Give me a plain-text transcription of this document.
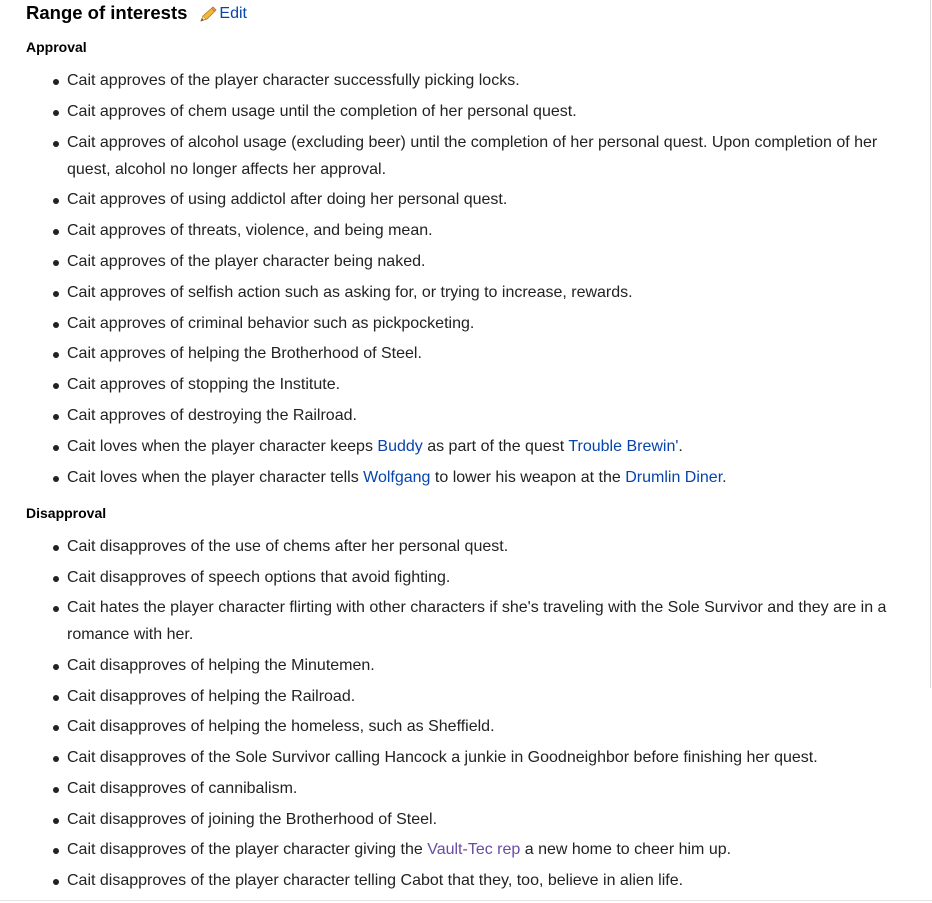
Range of interests Edit
Approval
Cait approves of the player character successfully picking locks.
Cait approves of chem usage until the completion of her personal quest.
Cait approves of alcohol usage (excluding beer) until the completion of her personal quest. Upon completion of her quest, alcohol no longer affects her approval.
Cait approves of using addictol after doing her personal quest.
Cait approves of threats, violence, and being mean.
Cait approves of the player character being naked.
Cait approves of selfish action such as asking for, or trying to increase, rewards.
Cait approves of criminal behavior such as pickpocketing.
Cait approves of helping the Brotherhood of Steel.
Cait approves of stopping the Institute.
Cait approves of destroying the Railroad.
Cait loves when the player character keeps Buddy as part of the quest Trouble Brewin'.
Cait loves when the player character tells Wolfgang to lower his weapon at the Drumlin Diner.
Disapproval
Cait disapproves of the use of chems after her personal quest.
Cait disapproves of speech options that avoid fighting.
Cait hates the player character flirting with other characters if she's traveling with the Sole Survivor and they are in a romance with her.
Cait disapproves of helping the Minutemen.
Cait disapproves of helping the Railroad.
Cait disapproves of helping the homeless, such as Sheffield.
Cait disapproves of the Sole Survivor calling Hancock a junkie in Goodneighbor before finishing her quest.
Cait disapproves of cannibalism.
Cait disapproves of joining the Brotherhood of Steel.
Cait disapproves of the player character giving the Vault-Tec rep a new home to cheer him up.
Cait disapproves of the player character telling Cabot that they, too, believe in alien life.
